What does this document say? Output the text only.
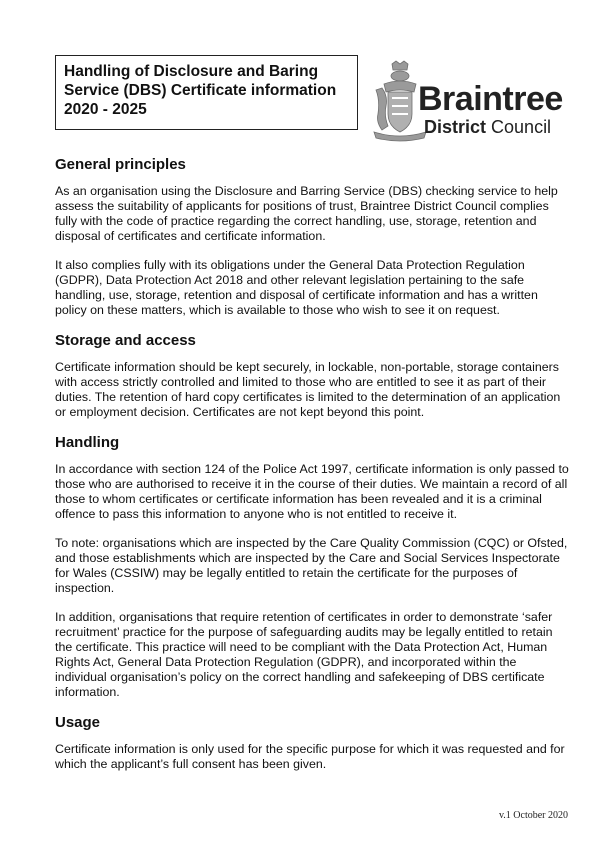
Handling of Disclosure and Baring
Service (DBS) Certificate information
2020 - 2025	Braintree
District Council
General principles

As an organisation using the Disclosure and Barring Service (DBS) checking service to help assess the suitability of applicants for positions of trust, Braintree District Council complies fully with the code of practice regarding the correct handling, use, storage, retention and disposal of certificates and certificate information.

It also complies fully with its obligations under the General Data Protection Regulation (GDPR), Data Protection Act 2018 and other relevant legislation pertaining to the safe handling, use, storage, retention and disposal of certificate information and has a written policy on these matters, which is available to those who wish to see it on request.

Storage and access

Certificate information should be kept securely, in lockable, non-portable, storage containers with access strictly controlled and limited to those who are entitled to see it as part of their duties. The retention of hard copy certificates is limited to the determination of an application or employment decision. Certificates are not kept beyond this point.

Handling

In accordance with section 124 of the Police Act 1997, certificate information is only passed to those who are authorised to receive it in the course of their duties. We maintain a record of all those to whom certificates or certificate information has been revealed and it is a criminal offence to pass this information to anyone who is not entitled to receive it.

To note: organisations which are inspected by the Care Quality Commission (CQC) or Ofsted, and those establishments which are inspected by the Care and Social Services Inspectorate for Wales (CSSIW) may be legally entitled to retain the certificate for the purposes of inspection.

In addition, organisations that require retention of certificates in order to demonstrate ‘safer recruitment’ practice for the purpose of safeguarding audits may be legally entitled to retain the certificate. This practice will need to be compliant with the Data Protection Act, Human Rights Act, General Data Protection Regulation (GDPR), and incorporated within the individual organisation’s policy on the correct handling and safekeeping of DBS certificate information.

Usage

Certificate information is only used for the specific purpose for which it was requested and for which the applicant’s full consent has been given.

v.1 October 2020
